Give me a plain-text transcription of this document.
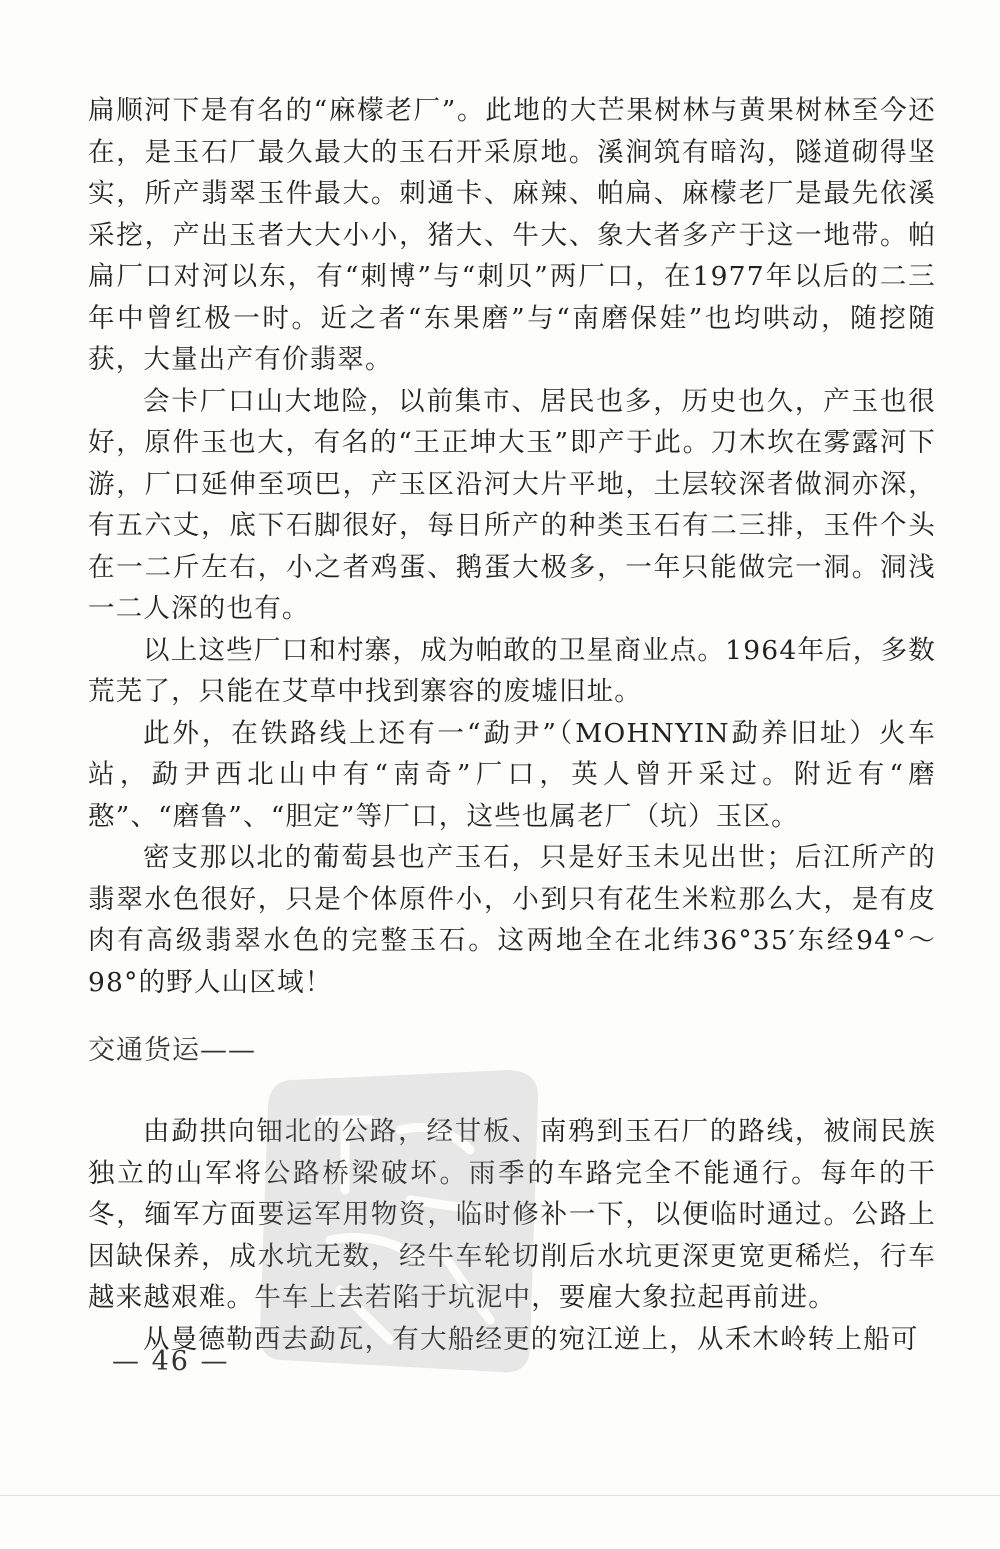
扁顺河下是有名的“麻檬老厂”。此地的大芒果树林与黄果树林至今还在，是玉石厂最久最大的玉石开采原地。溪涧筑有暗沟，隧道砌得坚实，所产翡翠玉件最大。刺通卡、麻辣、帕扁、麻檬老厂是最先依溪采挖，产出玉者大大小小，猪大、牛大、象大者多产于这一地带。帕扁厂口对河以东，有“刺博”与“刺贝”两厂口，在1977年以后的二三年中曾红极一时。近之者“东果磨”与“南磨保娃”也均哄动，随挖随获，大量出产有价翡翠。

会卡厂口山大地险，以前集市、居民也多，历史也久，产玉也很好，原件玉也大，有名的“王正坤大玉”即产于此。刀木坎在雾露河下游，厂口延伸至项巴，产玉区沿河大片平地，土层较深者做洞亦深，有五六丈，底下石脚很好，每日所产的种类玉石有二三排，玉件个头在一二斤左右，小之者鸡蛋、鹅蛋大极多，一年只能做完一洞。洞浅一二人深的也有。

以上这些厂口和村寨，成为帕敢的卫星商业点。1964年后，多数荒芜了，只能在艾草中找到寨容的废墟旧址。

此外，在铁路线上还有一“勐尹”（MOHNYIN勐养旧址）火车站，勐尹西北山中有“南奇”厂口，英人曾开采过。附近有“磨憨”、“磨鲁”、“胆定”等厂口，这些也属老厂（坑）玉区。

密支那以北的葡萄县也产玉石，只是好玉未见出世；后江所产的翡翠水色很好，只是个体原件小，小到只有花生米粒那么大，是有皮肉有高级翡翠水色的完整玉石。这两地全在北纬36°35′东经94°～98°的野人山区域！

交通货运——

由勐拱向钿北的公路，经甘板、南鸦到玉石厂的路线，被闹民族独立的山军将公路桥梁破坏。雨季的车路完全不能通行。每年的干冬，缅军方面要运军用物资，临时修补一下，以便临时通过。公路上因缺保养，成水坑无数，经牛车轮切削后水坑更深更宽更稀烂，行车越来越艰难。牛车上去若陷于坑泥中，要雇大象拉起再前进。

从曼德勒西去勐瓦，有大船经更的宛江逆上，从禾木岭转上船可

— 46 —
